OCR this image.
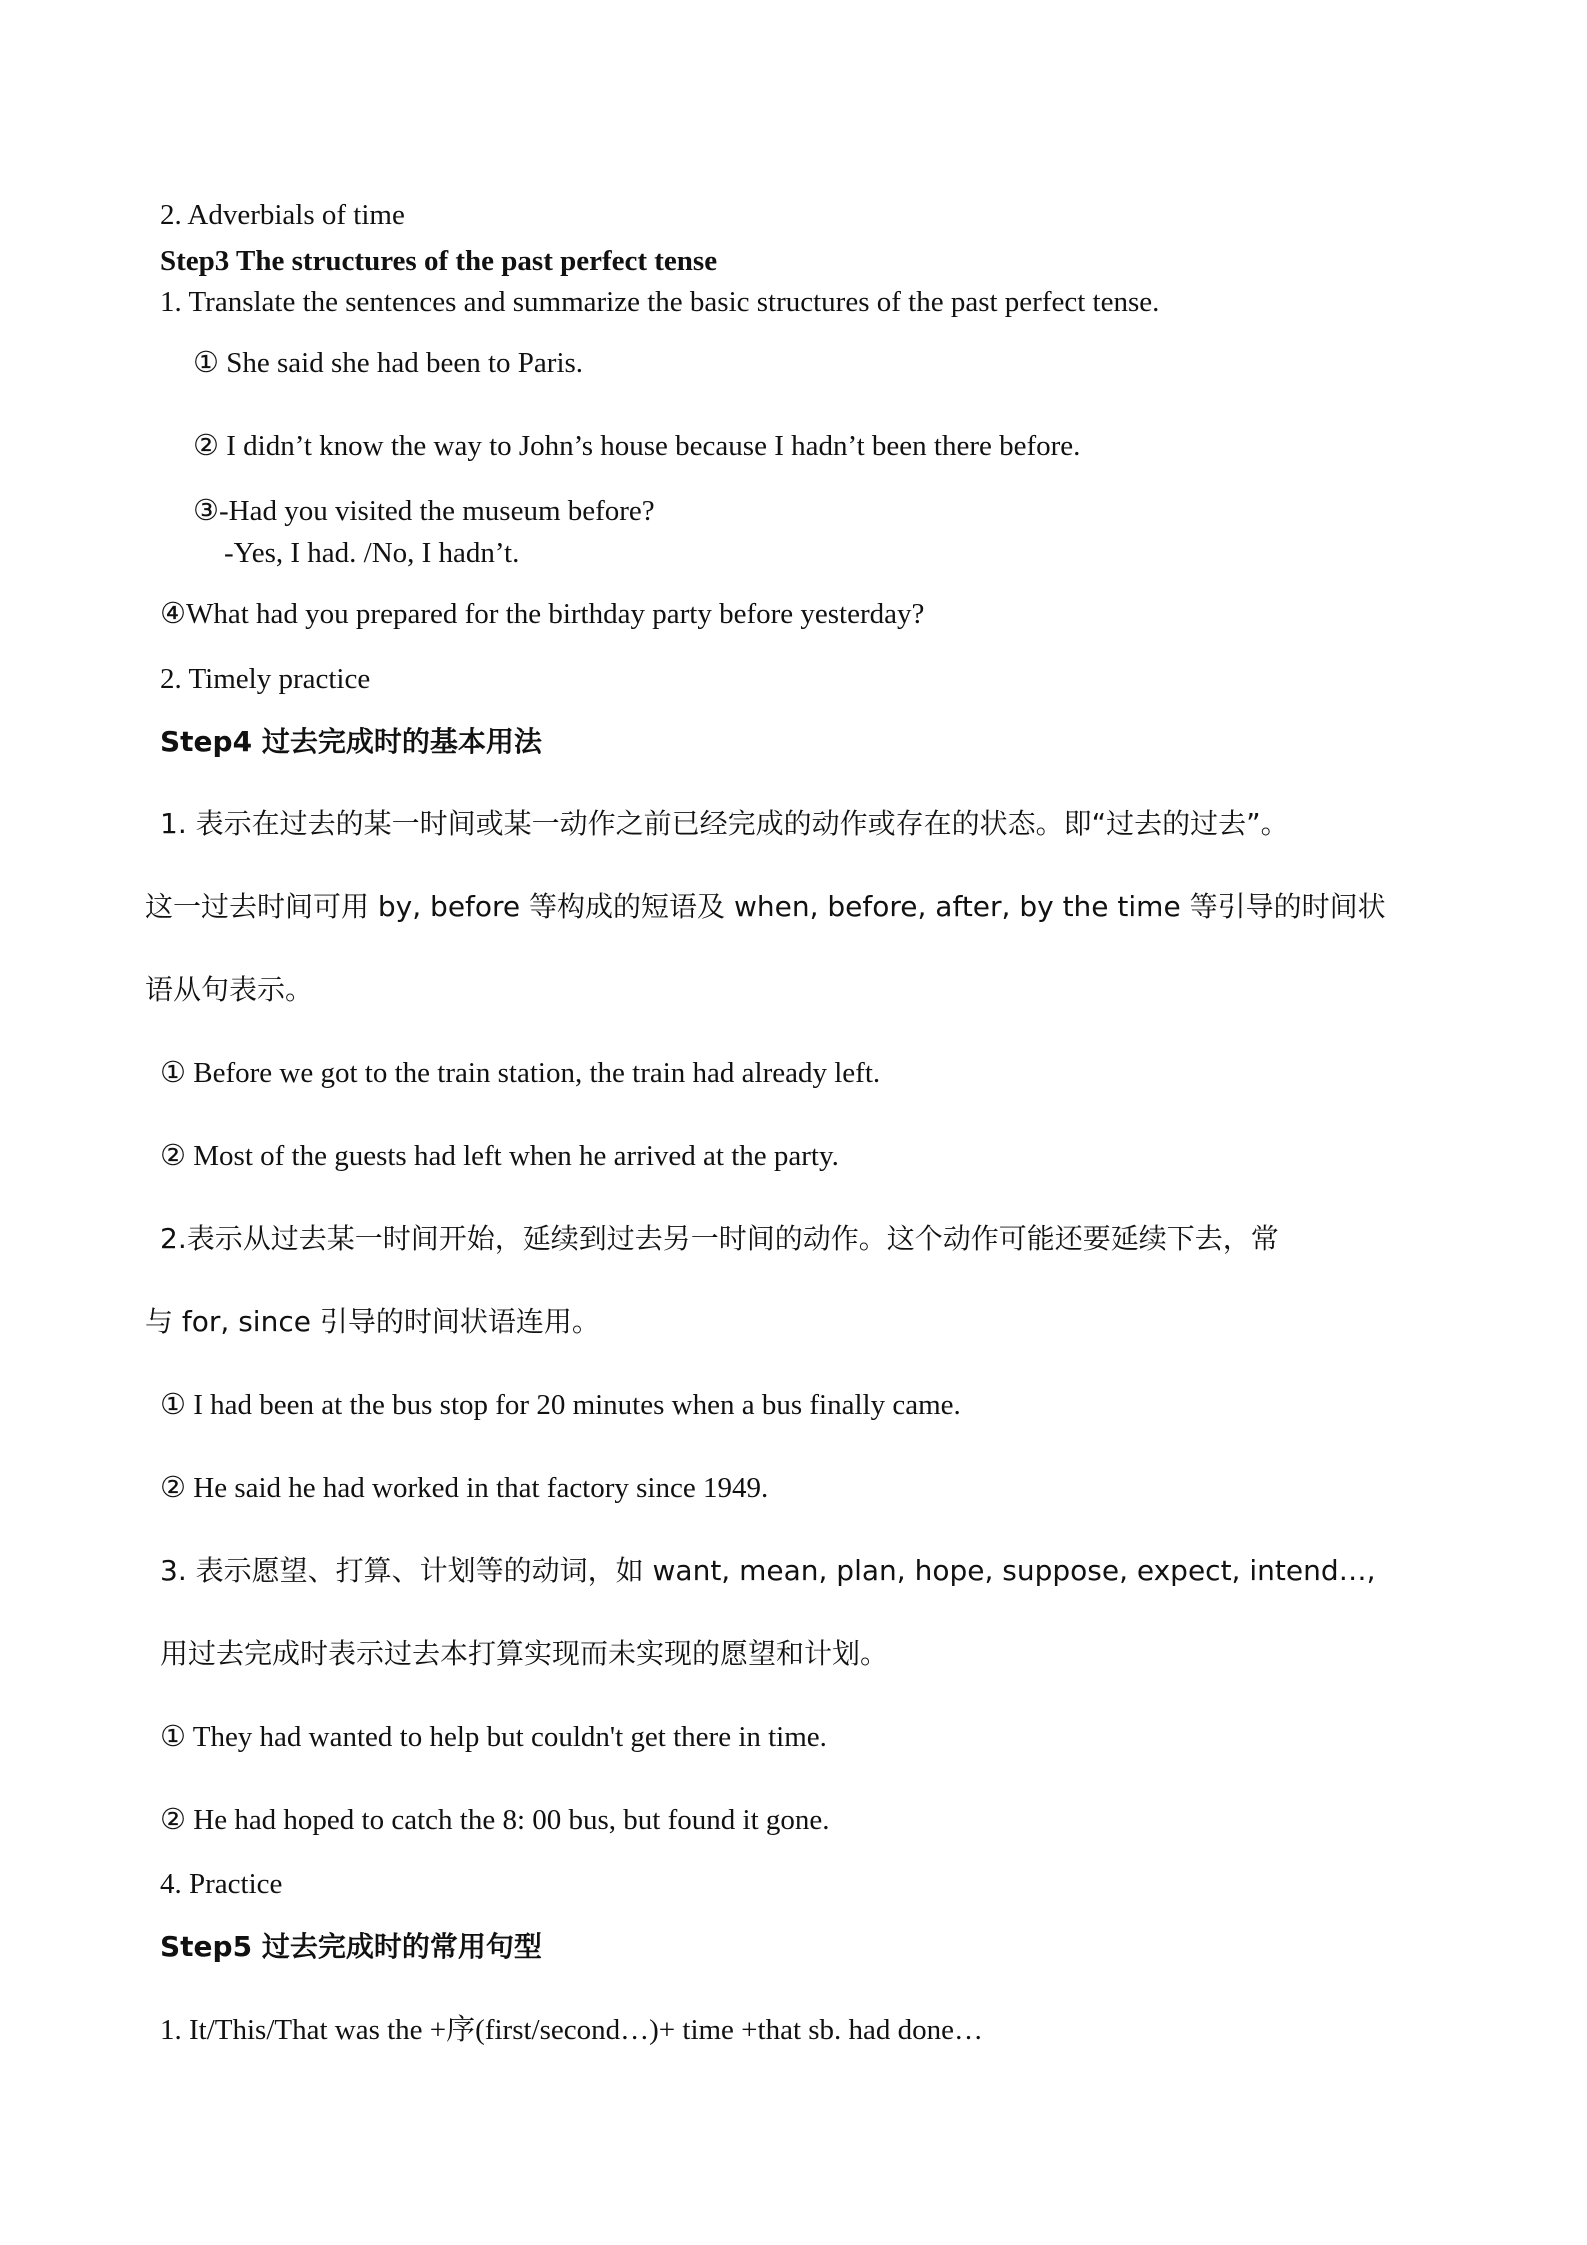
2. Adverbials of time
Step3 The structures of the past perfect tense
1. Translate the sentences and summarize the basic structures of the past perfect tense.
① She said she had been to Paris.
② I didn’t know the way to John’s house because I hadn’t been there before.
③-Had you visited the museum before?
-Yes, I had. /No, I hadn’t.
④What had you prepared for the birthday party before yesterday?
2. Timely practice
Step4 过去完成时的基本用法
1. 表示在过去的某一时间或某一动作之前已经完成的动作或存在的状态。即“过去的过去”。
这一过去时间可用 by, before 等构成的短语及 when, before, after, by the time 等引导的时间状
语从句表示。
① Before we got to the train station, the train had already left.
② Most of the guests had left when he arrived at the party.
2.表示从过去某一时间开始，延续到过去另一时间的动作。这个动作可能还要延续下去，常
与 for, since 引导的时间状语连用。
① I had been at the bus stop for 20 minutes when a bus finally came.
② He said he had worked in that factory since 1949.
3. 表示愿望、打算、计划等的动词，如 want, mean, plan, hope, suppose, expect, intend…,
用过去完成时表示过去本打算实现而未实现的愿望和计划。
① They had wanted to help but couldn't get there in time.
② He had hoped to catch the 8: 00 bus, but found it gone.
4. Practice
Step5 过去完成时的常用句型
1. It/This/That was the +序(first/second…)+ time +that sb. had done…
